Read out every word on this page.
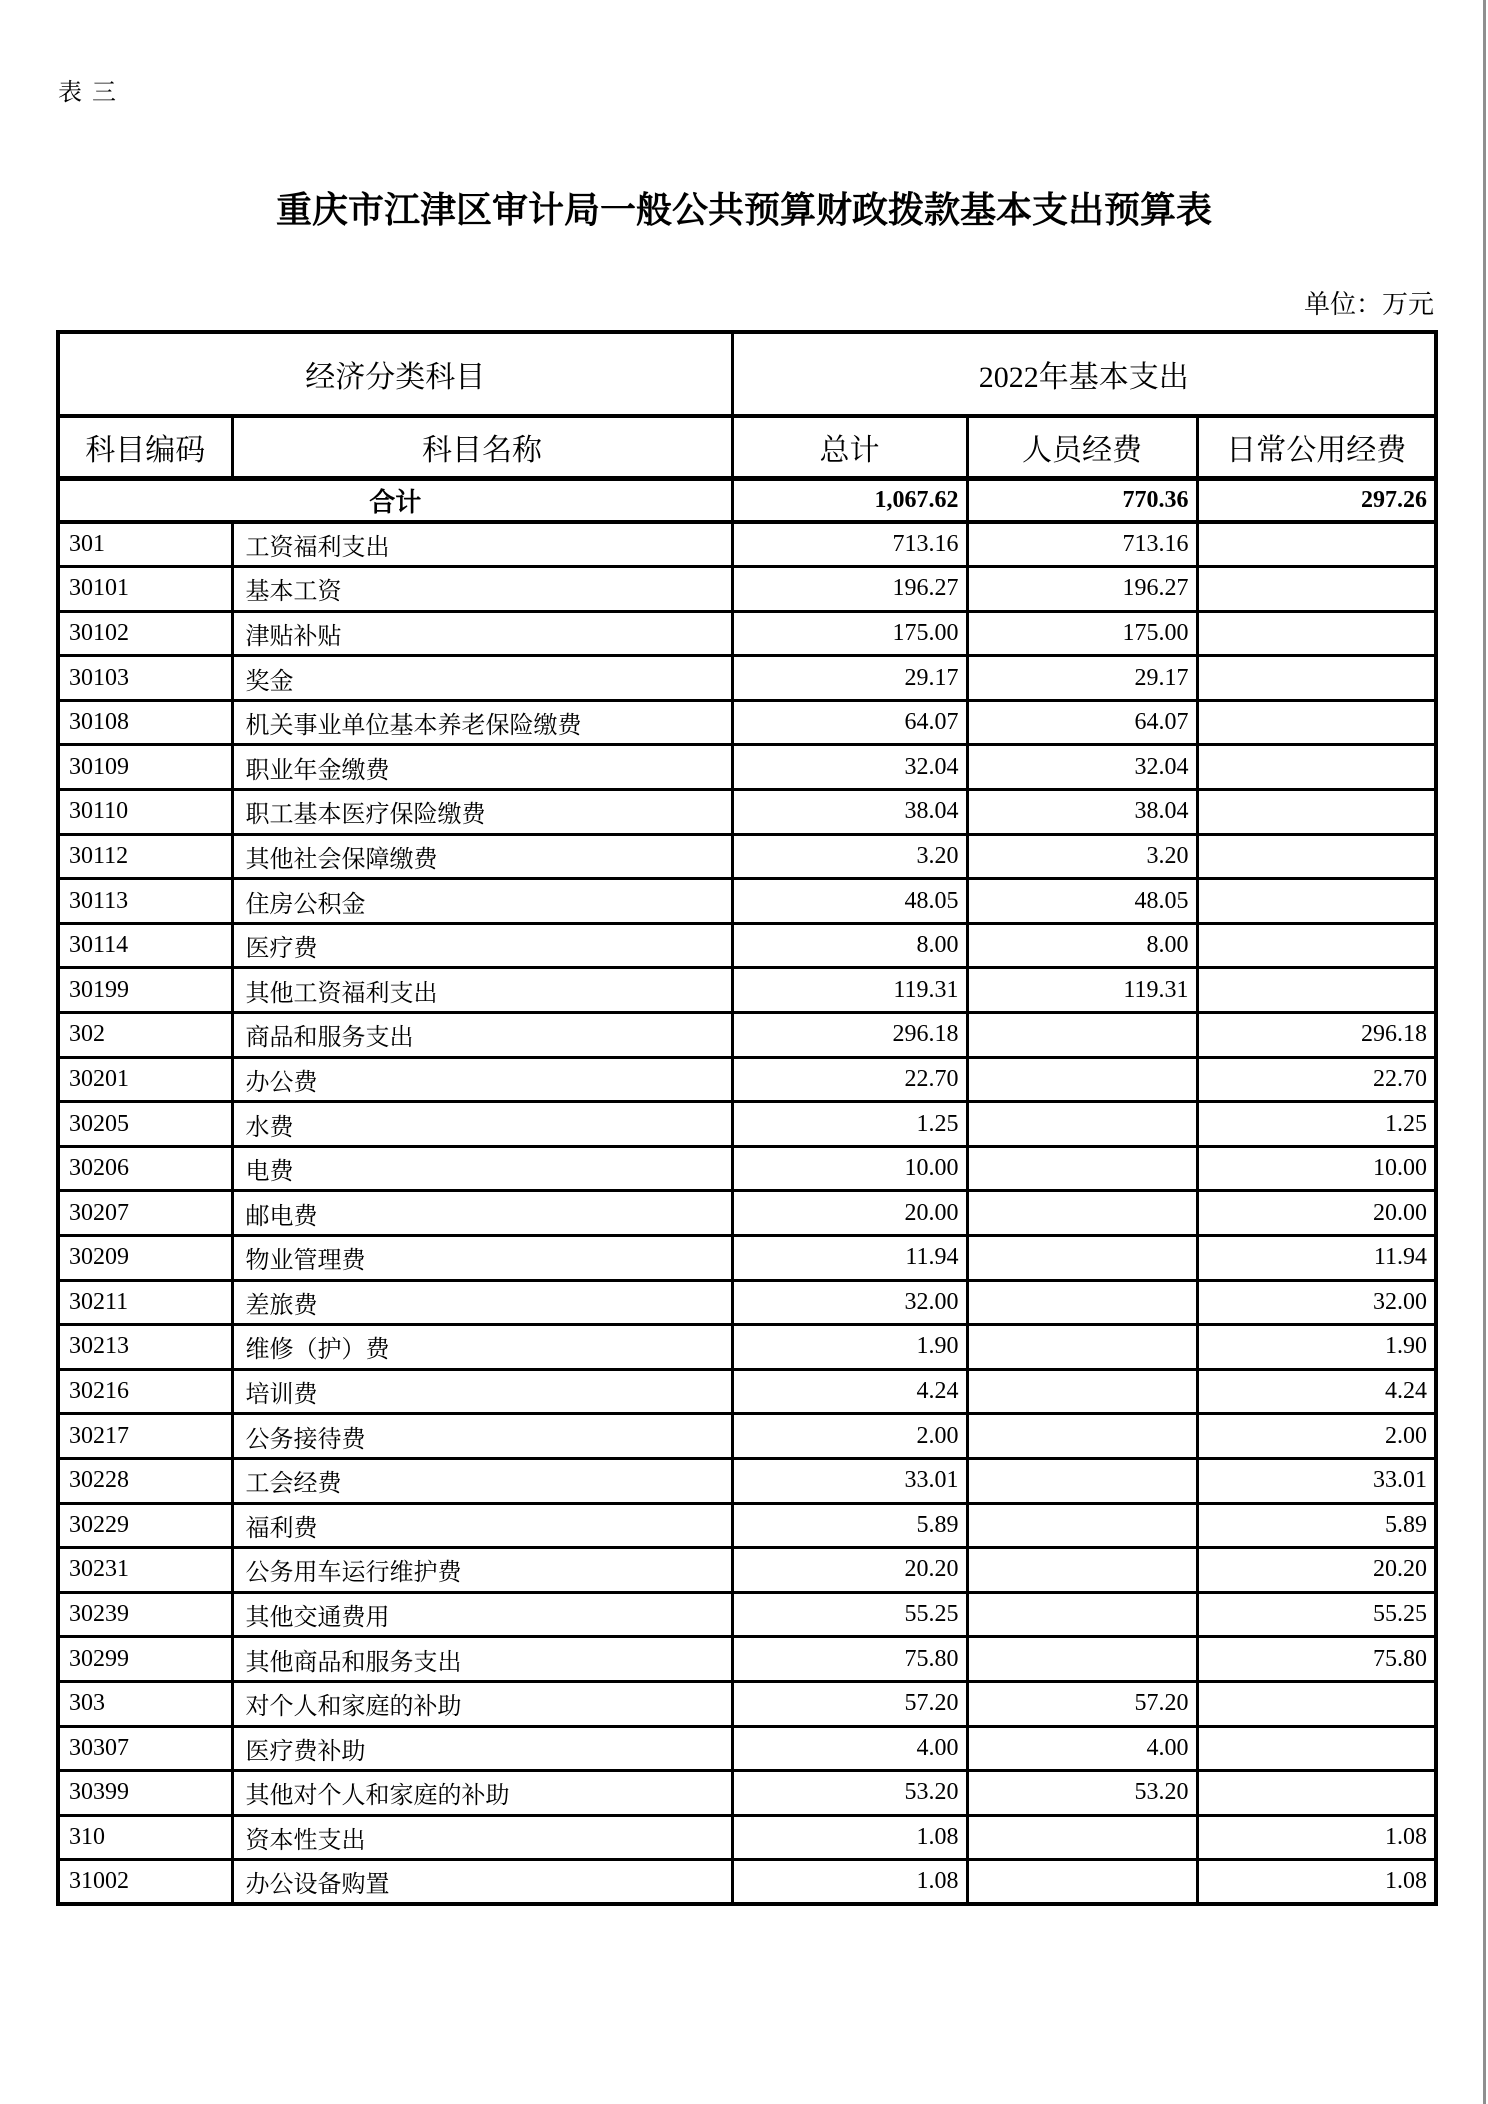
表三
重庆市江津区审计局一般公共预算财政拨款基本支出预算表
单位：万元
经济分类科目		2022年基本支出		
科目编码	科目名称	总计	人员经费	日常公用经费
合计		1,067.62	770.36	297.26
301	工资福利支出	713.16	713.16	
30101	基本工资	196.27	196.27	
30102	津贴补贴	175.00	175.00	
30103	奖金	29.17	29.17	
30108	机关事业单位基本养老保险缴费	64.07	64.07	
30109	职业年金缴费	32.04	32.04	
30110	职工基本医疗保险缴费	38.04	38.04	
30112	其他社会保障缴费	3.20	3.20	
30113	住房公积金	48.05	48.05	
30114	医疗费	8.00	8.00	
30199	其他工资福利支出	119.31	119.31	
302	商品和服务支出	296.18		296.18
30201	办公费	22.70		22.70
30205	水费	1.25		1.25
30206	电费	10.00		10.00
30207	邮电费	20.00		20.00
30209	物业管理费	11.94		11.94
30211	差旅费	32.00		32.00
30213	维修（护）费	1.90		1.90
30216	培训费	4.24		4.24
30217	公务接待费	2.00		2.00
30228	工会经费	33.01		33.01
30229	福利费	5.89		5.89
30231	公务用车运行维护费	20.20		20.20
30239	其他交通费用	55.25		55.25
30299	其他商品和服务支出	75.80		75.80
303	对个人和家庭的补助	57.20	57.20	
30307	医疗费补助	4.00	4.00	
30399	其他对个人和家庭的补助	53.20	53.20	
310	资本性支出	1.08		1.08
31002	办公设备购置	1.08		1.08
